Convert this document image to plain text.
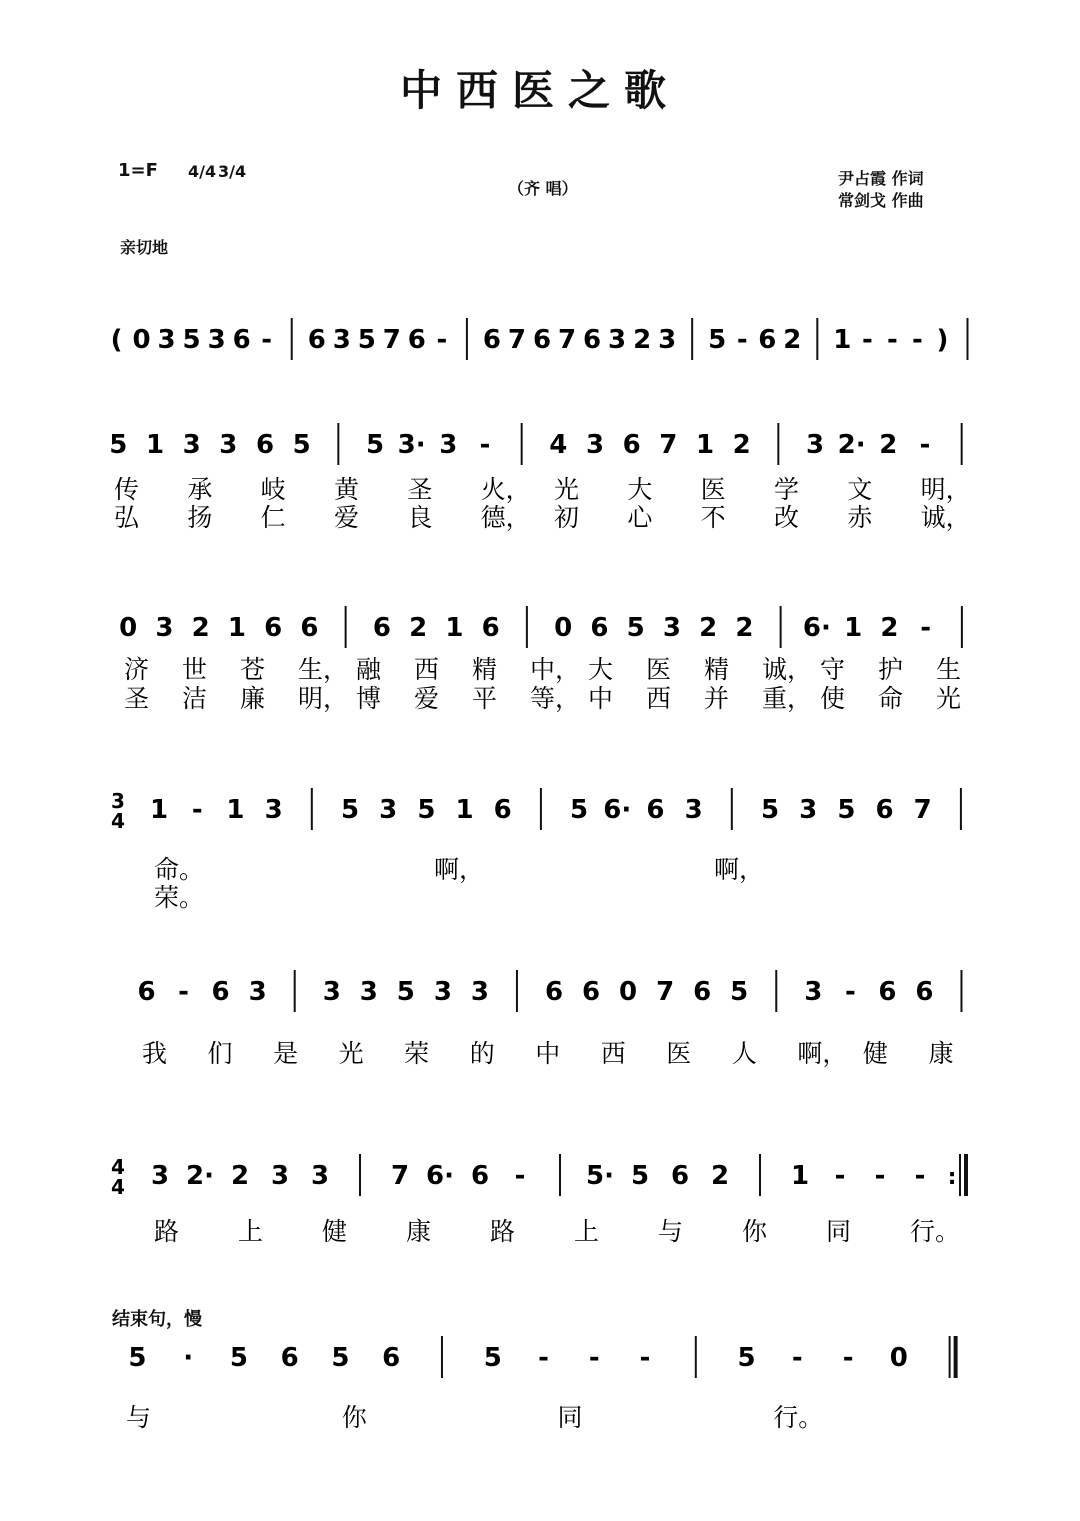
中西医之歌
1=F 4/4 3/4
（齐 唱）
尹占霞 作词
常剑戈 作曲
亲切地
结束句，慢
( 0 3 5 3 6 - 6 3 5 7 6 - 6 7 6 7 6 3 2 3 5 - 6 2 1 - - - )
5 1 3 3 6 5 5 3· 3 - 4 3 6 7 1 2 3 2· 2 -
传 承 岐 黄 圣 火， 光 大 医 学 文 明，
弘 扬 仁 爱 良 德， 初 心 不 改 赤 诚，
0 3 2 1 6 6 6 2 1 6 0 6 5 3 2 2 6· 1 2 -
济 世 苍 生， 融 西 精 中， 大 医 精 诚， 守 护 生
圣 洁 廉 明， 博 爱 平 等， 中 西 并 重， 使 命 光
3
4 1 - 1 3 5 3 5 1 6 5 6· 6 3 5 3 5 6 7
命。	啊，	啊，
荣。
6 - 6 3 3 3 5 3 3 6 6 0 7 6 5 3 - 6 6
我 们 是 光 荣 的 中 西 医 人 啊， 健 康
4
4 3 2· 2 3 3 7 6· 6 - 5· 5 6 2 1 - - - :
路 上 健 康 路 上 与 你 同 行。
5 · 5 6 5 6	5 - - -	5 - - 0
与	你	同	行。
